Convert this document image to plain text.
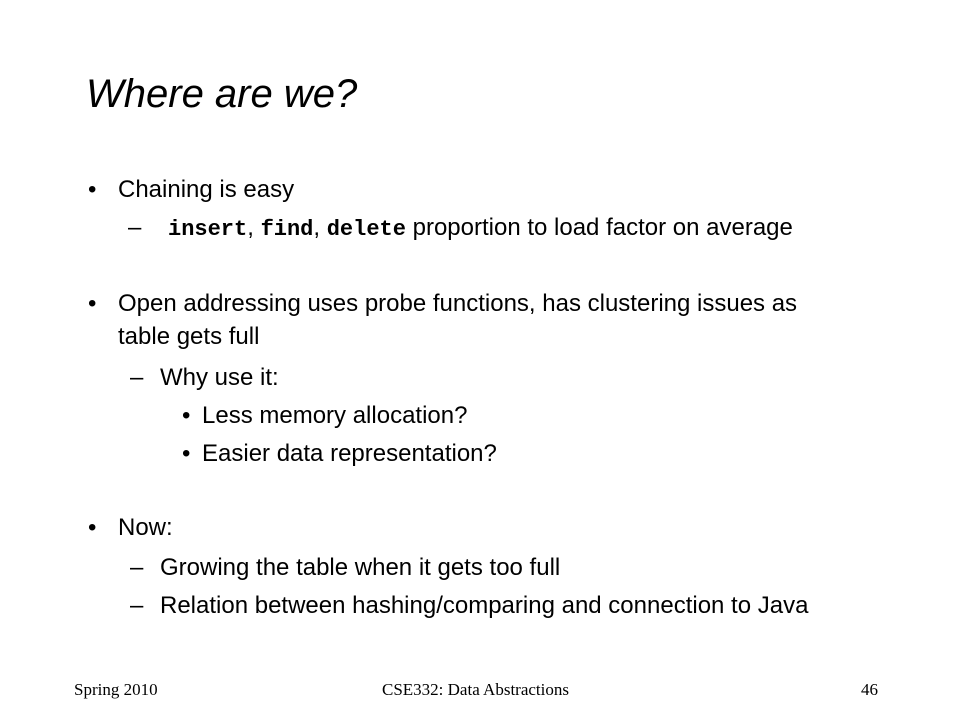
Where are we?
• Chaining is easy
– insert, find, delete proportion to load factor on average
• Open addressing uses probe functions, has clustering issues as
table gets full
– Why use it:
• Less memory allocation?
• Easier data representation?
• Now:
– Growing the table when it gets too full
– Relation between hashing/comparing and connection to Java
Spring 2010	CSE332: Data Abstractions	46
